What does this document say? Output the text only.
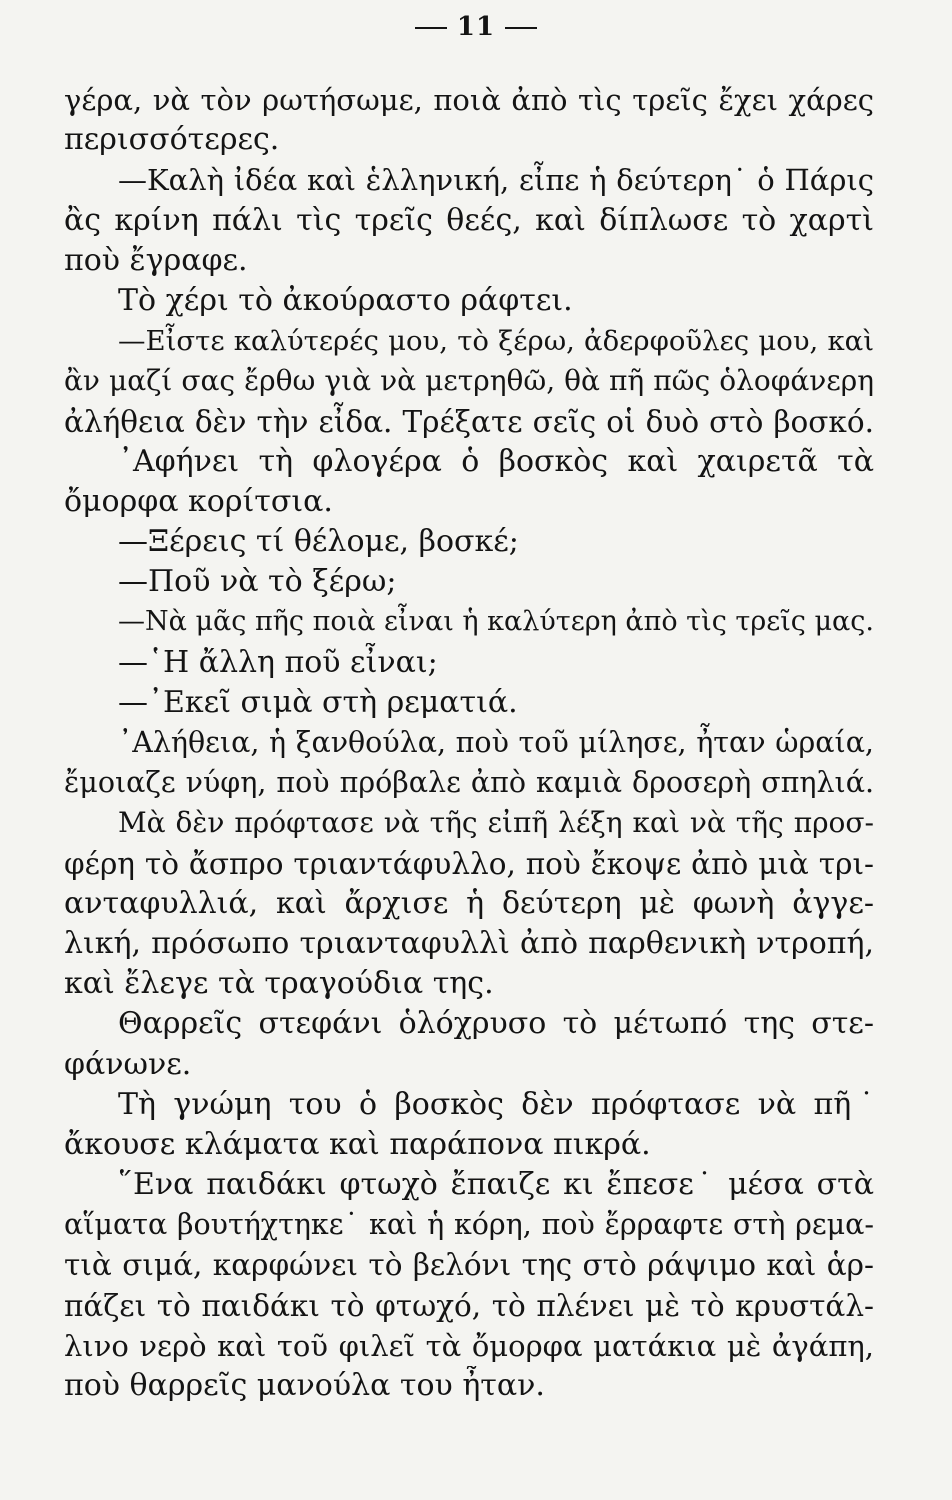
11
γέρα, νὰ τὸν ρωτήσωμε, ποιὰ ἀπὸ τὶς τρεῖς ἔχει χάρες
περισσότερες.
—Καλὴ ἰδέα καὶ ἑλληνική, εἶπε ἡ δεύτερη˙ ὁ Πάρις
ἂς κρίνη πάλι τὶς τρεῖς θεές, καὶ δίπλωσε τὸ χαρτὶ
ποὺ ἔγραφε.
Τὸ χέρι τὸ ἀκούραστο ράφτει.
—Εἶστε καλύτερές μου, τὸ ξέρω, ἀδερφοῦλες μου, καὶ
ἂν μαζί σας ἔρθω γιὰ νὰ μετρηθῶ, θὰ πῆ πῶς ὁλοφάνερη
ἀλήθεια δὲν τὴν εἶδα. Τρέξατε σεῖς οἱ δυὸ στὸ βοσκό.
᾿Αφήνει τὴ φλογέρα ὁ βοσκὸς καὶ χαιρετᾶ τὰ
ὄμορφα κορίτσια.
—Ξέρεις τί θέλομε, βοσκέ;
—Ποῦ νὰ τὸ ξέρω;
—Νὰ μᾶς πῆς ποιὰ εἶναι ἡ καλύτερη ἀπὸ τὶς τρεῖς μας.
—῾Η ἄλλη ποῦ εἶναι;
—᾿Εκεῖ σιμὰ στὴ ρεματιά.
᾿Αλήθεια, ἡ ξανθούλα, ποὺ τοῦ μίλησε, ἦταν ὡραία,
ἔμοιαζε νύφη, ποὺ πρόβαλε ἀπὸ καμιὰ δροσερὴ σπηλιά.
Μὰ δὲν πρόφτασε νὰ τῆς εἰπῆ λέξη καὶ νὰ τῆς προσ-
φέρη τὸ ἄσπρο τριαντάφυλλο, ποὺ ἔκοψε ἀπὸ μιὰ τρι-
ανταφυλλιά, καὶ ἄρχισε ἡ δεύτερη μὲ φωνὴ ἀγγε-
λική, πρόσωπο τριανταφυλλὶ ἀπὸ παρθενικὴ ντροπή,
καὶ ἔλεγε τὰ τραγούδια της.
Θαρρεῖς στεφάνι ὁλόχρυσο τὸ μέτωπό της στε-
φάνωνε.
Τὴ γνώμη του ὁ βοσκὸς δὲν πρόφτασε νὰ πῆ˙
ἄκουσε κλάματα καὶ παράπονα πικρά.
῞Ενα παιδάκι φτωχὸ ἔπαιζε κι ἔπεσε˙ μέσα στὰ
αἵματα βουτήχτηκε˙ καὶ ἡ κόρη, ποὺ ἔρραφτε στὴ ρεμα-
τιὰ σιμά, καρφώνει τὸ βελόνι της στὸ ράψιμο καὶ ἁρ-
πάζει τὸ παιδάκι τὸ φτωχό, τὸ πλένει μὲ τὸ κρυστάλ-
λινο νερὸ καὶ τοῦ φιλεῖ τὰ ὄμορφα ματάκια μὲ ἀγάπη,
ποὺ θαρρεῖς μανούλα του ἦταν.
